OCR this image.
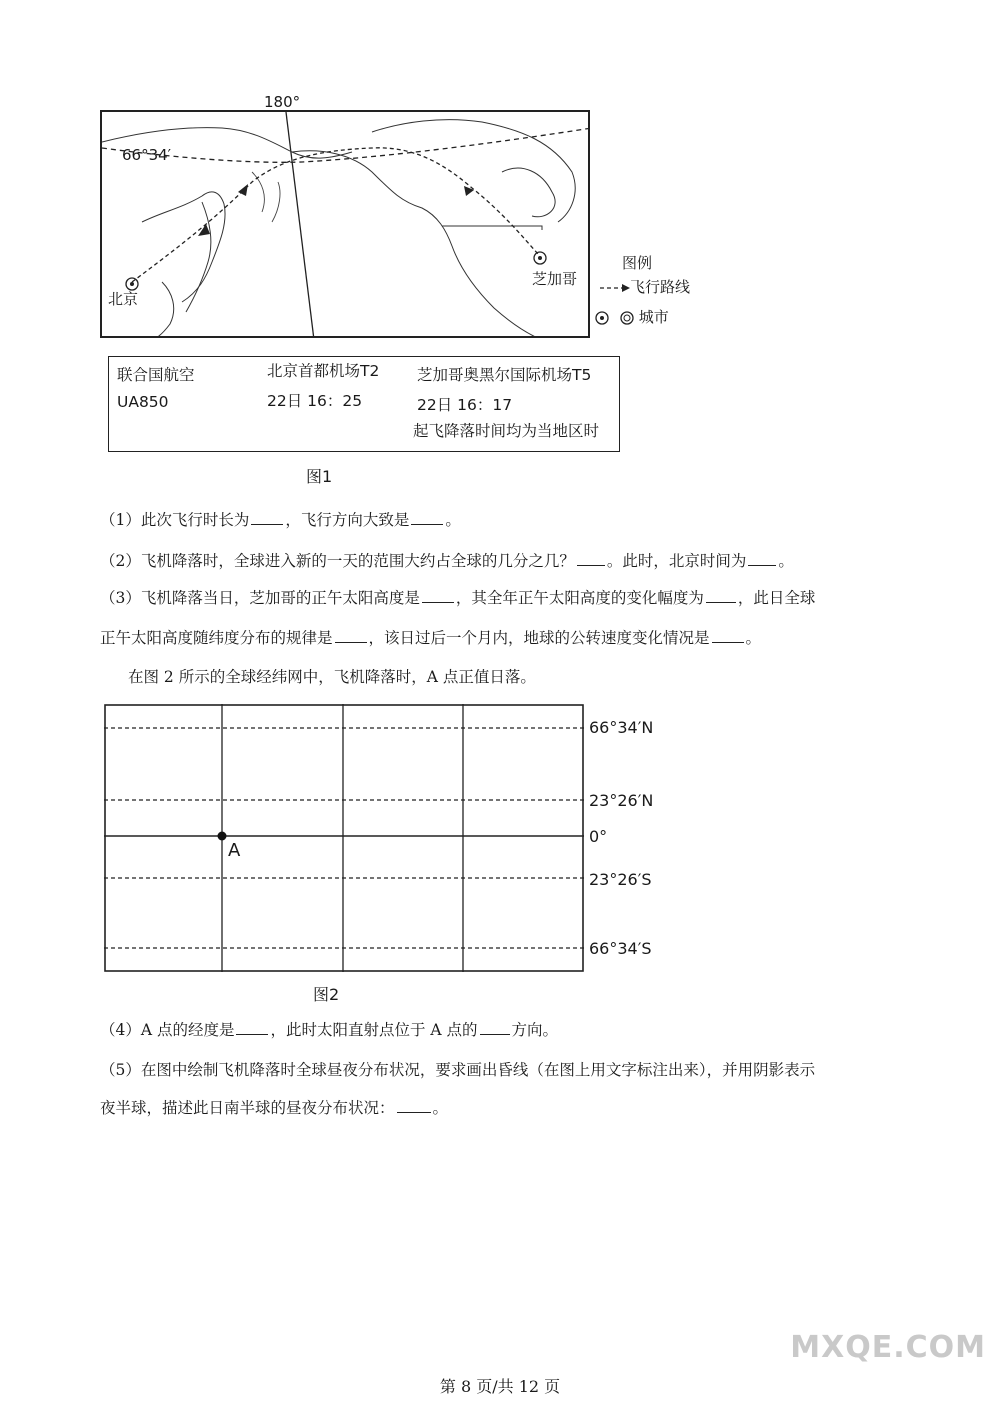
180°
66°34′
北京
芝加哥
图例
飞行路线
城市
联合国航空
UA850
北京首都机场T2
22日 16：25
芝加哥奥黑尔国际机场T5
22日 16：17
起飞降落时间均为当地区时
图1
（1）此次飞行时长为 ，飞行方向大致是 。
（2）飞机降落时，全球进入新的一天的范围大约占全球的几分之几？ 。此时，北京时间为 。
（3）飞机降落当日，芝加哥的正午太阳高度是 ，其全年正午太阳高度的变化幅度为 ，此日全球
正午太阳高度随纬度分布的规律是 ，该日过后一个月内，地球的公转速度变化情况是 。
在图 2 所示的全球经纬网中，飞机降落时，A 点正值日落。
A
66°34′N
23°26′N
0°
23°26′S
66°34′S
图2
（4）A 点的经度是 ，此时太阳直射点位于 A 点的 方向。
（5）在图中绘制飞机降落时全球昼夜分布状况，要求画出昏线（在图上用文字标注出来），并用阴影表示
夜半球，描述此日南半球的昼夜分布状况： 。
MXQE.COM
第 8 页/共 12 页
